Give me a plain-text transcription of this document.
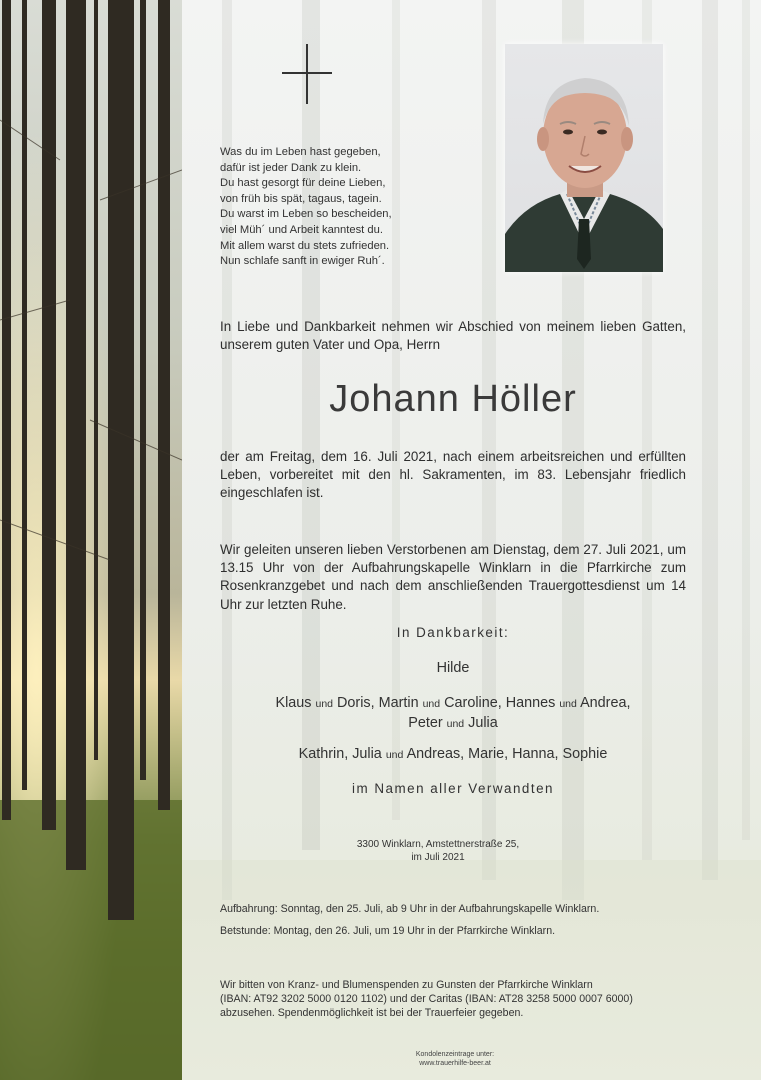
Was du im Leben hast gegeben,
dafür ist jeder Dank zu klein.
Du hast gesorgt für deine Lieben,
von früh bis spät, tagaus, tagein.
Du warst im Leben so bescheiden,
viel Müh´ und Arbeit kanntest du.
Mit allem warst du stets zufrieden.
Nun schlafe sanft in ewiger Ruh´.
In Liebe und Dankbarkeit nehmen wir Abschied von meinem lieben Gatten, unserem guten Vater und Opa, Herrn
Johann Höller
der am Freitag, dem 16. Juli 2021, nach einem arbeitsreichen und erfüllten Leben, vorbereitet mit den hl. Sakramenten, im 83. Lebensjahr friedlich eingeschlafen ist.
Wir geleiten unseren lieben Verstorbenen am Dienstag, dem 27. Juli 2021, um 13.15 Uhr von der Aufbahrungskapelle Winklarn in die Pfarrkirche zum Rosenkranzgebet und nach dem anschließenden Trauergottesdienst um 14 Uhr zur letzten Ruhe.
In Dankbarkeit:
Hilde
Klaus und Doris, Martin und Caroline, Hannes und Andrea,
Peter und Julia
Kathrin, Julia und Andreas, Marie, Hanna, Sophie
im Namen aller Verwandten
3300 Winklarn, Amstettnerstraße 25,
im Juli 2021
Aufbahrung: Sonntag, den 25. Juli, ab 9 Uhr in der Aufbahrungskapelle Winklarn.
Betstunde: Montag, den 26. Juli, um 19 Uhr in der Pfarrkirche Winklarn.
Wir bitten von Kranz- und Blumenspenden zu Gunsten der Pfarrkirche Winklarn
(IBAN: AT92 3202 5000 0120 1102) und der Caritas (IBAN: AT28 3258 5000 0007 6000)
abzusehen. Spendenmöglichkeit ist bei der Trauerfeier gegeben.
Kondolenzeintrage unter:
www.trauerhilfe-beer.at
